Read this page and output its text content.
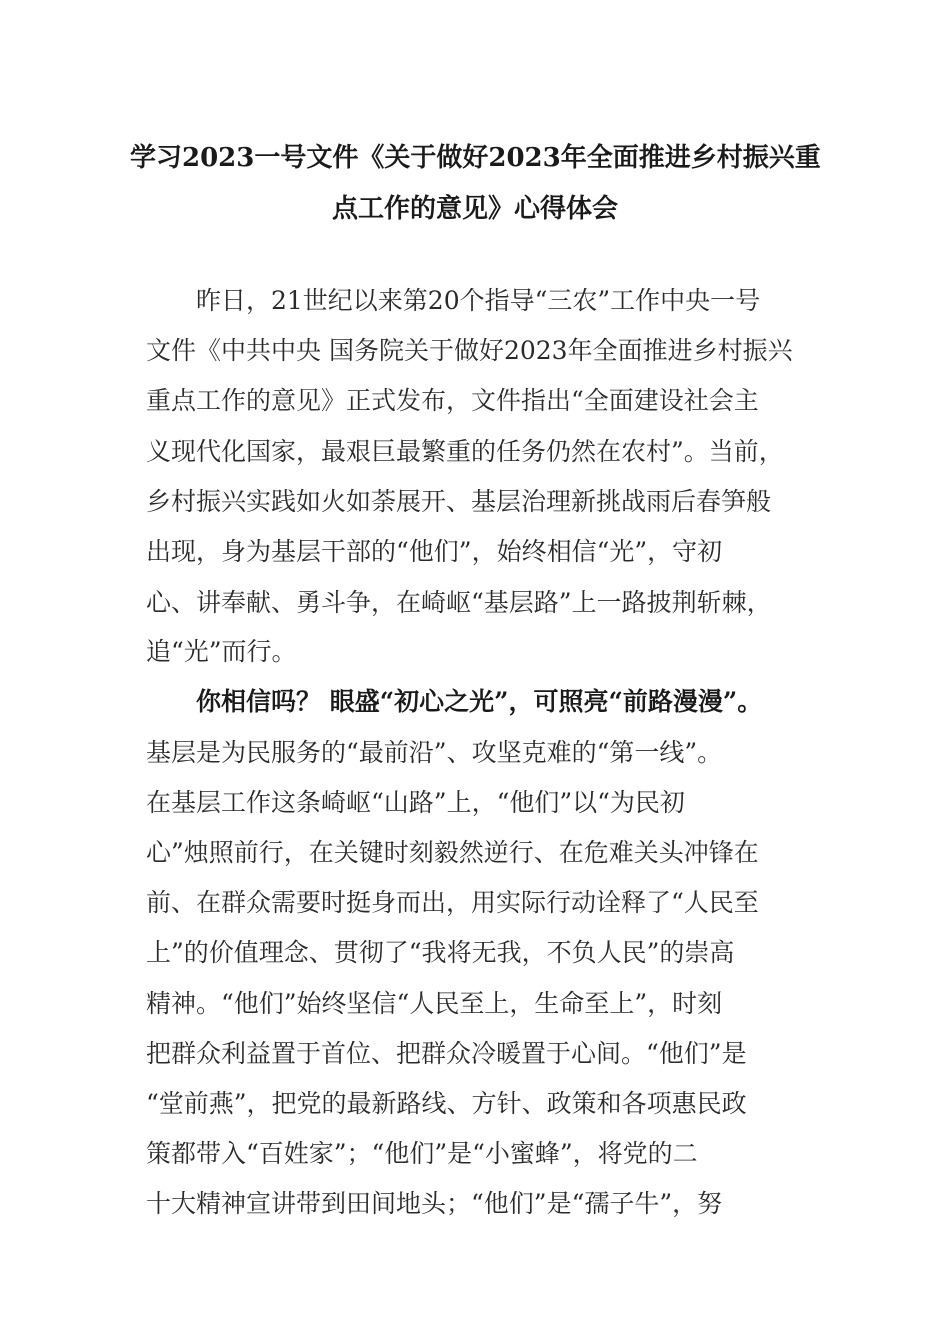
学习2023一号文件《关于做好2023年全面推进乡村振兴重
点工作的意见》心得体会
昨日，21世纪以来第20个指导“三农”工作中央一号
文件《中共中央 国务院关于做好2023年全面推进乡村振兴
重点工作的意见》正式发布，文件指出“全面建设社会主
义现代化国家，最艰巨最繁重的任务仍然在农村”。当前，
乡村振兴实践如火如荼展开、基层治理新挑战雨后春笋般
出现，身为基层干部的“他们”，始终相信“光”，守初
心、讲奉献、勇斗争，在崎岖“基层路”上一路披荆斩棘，
追“光”而行。
你相信吗？ 眼盛“初心之光”，可照亮“前路漫漫”。
基层是为民服务的“最前沿”、攻坚克难的“第一线”。
在基层工作这条崎岖“山路”上，“他们”以“为民初
心”烛照前行，在关键时刻毅然逆行、在危难关头冲锋在
前、在群众需要时挺身而出，用实际行动诠释了“人民至
上”的价值理念、贯彻了“我将无我，不负人民”的崇高
精神。“他们”始终坚信“人民至上，生命至上”，时刻
把群众利益置于首位、把群众冷暖置于心间。“他们”是
“堂前燕”，把党的最新路线、方针、政策和各项惠民政
策都带入“百姓家”；“他们”是“小蜜蜂”，将党的二
十大精神宣讲带到田间地头；“他们”是“孺子牛”，努
